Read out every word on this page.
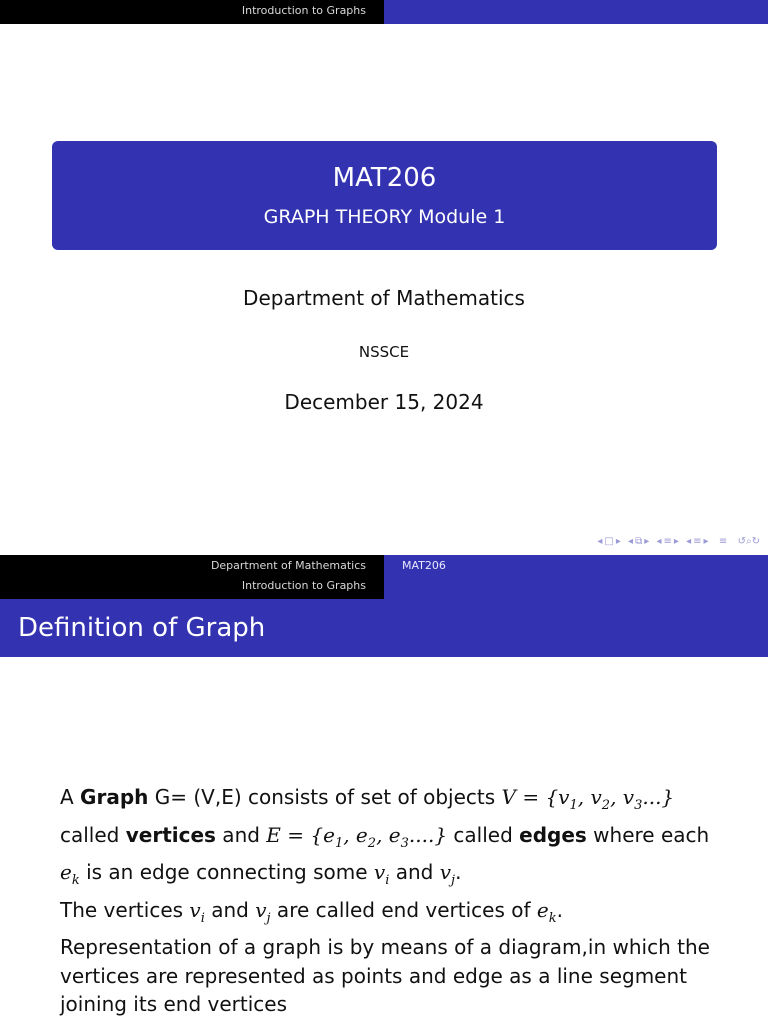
Introduction to Graphs
MAT206
GRAPH THEORY Module 1
Department of Mathematics
NSSCE
December 15, 2024
◂ □ ▸
◂ ⧉ ▸
◂ ≡ ▸
◂ ≡ ▸
≡
↺⌕↻
Department of Mathematics
Introduction to Graphs
MAT206
Definition of Graph

A Graph G= (V,E) consists of set of objects $V = \{v_1$, $v_2$, $v_3$...} called vertices and $E = \{e_1$, $e_2$, $e_3$....} called edges where each $e_k$ is an edge connecting some $v_i$ and $v_j$.

The vertices $v_i$ and $v_j$ are called end vertices of $e_k$.

Representation of a graph is by means of a diagram,in which the vertices are represented as points and edge as a line segment joining its end vertices
